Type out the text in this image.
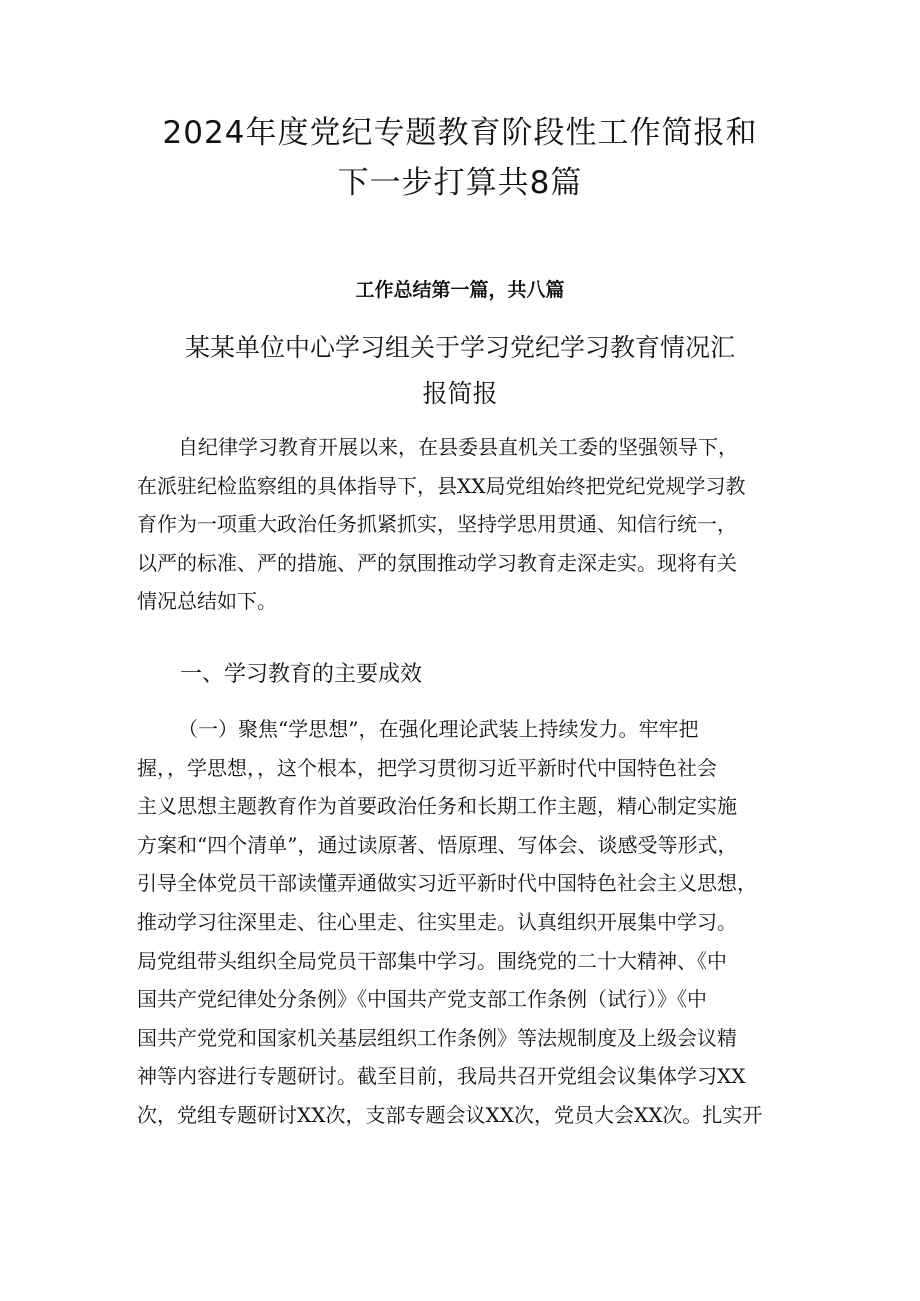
2024年度党纪专题教育阶段性工作简报和
下一步打算共8篇
工作总结第一篇，共八篇
某某单位中心学习组关于学习党纪学习教育情况汇
报简报
自纪律学习教育开展以来，在县委县直机关工委的坚强领导下，
在派驻纪检监察组的具体指导下，县XX局党组始终把党纪党规学习教
育作为一项重大政治任务抓紧抓实，坚持学思用贯通、知信行统一，
以严的标准、严的措施、严的氛围推动学习教育走深走实。现将有关
情况总结如下。
一、学习教育的主要成效
（一）聚焦“学思想”，在强化理论武装上持续发力。牢牢把
握，，学思想，，这个根本，把学习贯彻习近平新时代中国特色社会
主义思想主题教育作为首要政治任务和长期工作主题，精心制定实施
方案和“四个清单”，通过读原著、悟原理、写体会、谈感受等形式，
引导全体党员干部读懂弄通做实习近平新时代中国特色社会主义思想，
推动学习往深里走、往心里走、往实里走。认真组织开展集中学习。
局党组带头组织全局党员干部集中学习。围绕党的二十大精神、《中
国共产党纪律处分条例》《中国共产党支部工作条例（试行）》《中
国共产党党和国家机关基层组织工作条例》等法规制度及上级会议精
神等内容进行专题研讨。截至目前，我局共召开党组会议集体学习XX
次，党组专题研讨XX次，支部专题会议XX次，党员大会XX次。扎实开
